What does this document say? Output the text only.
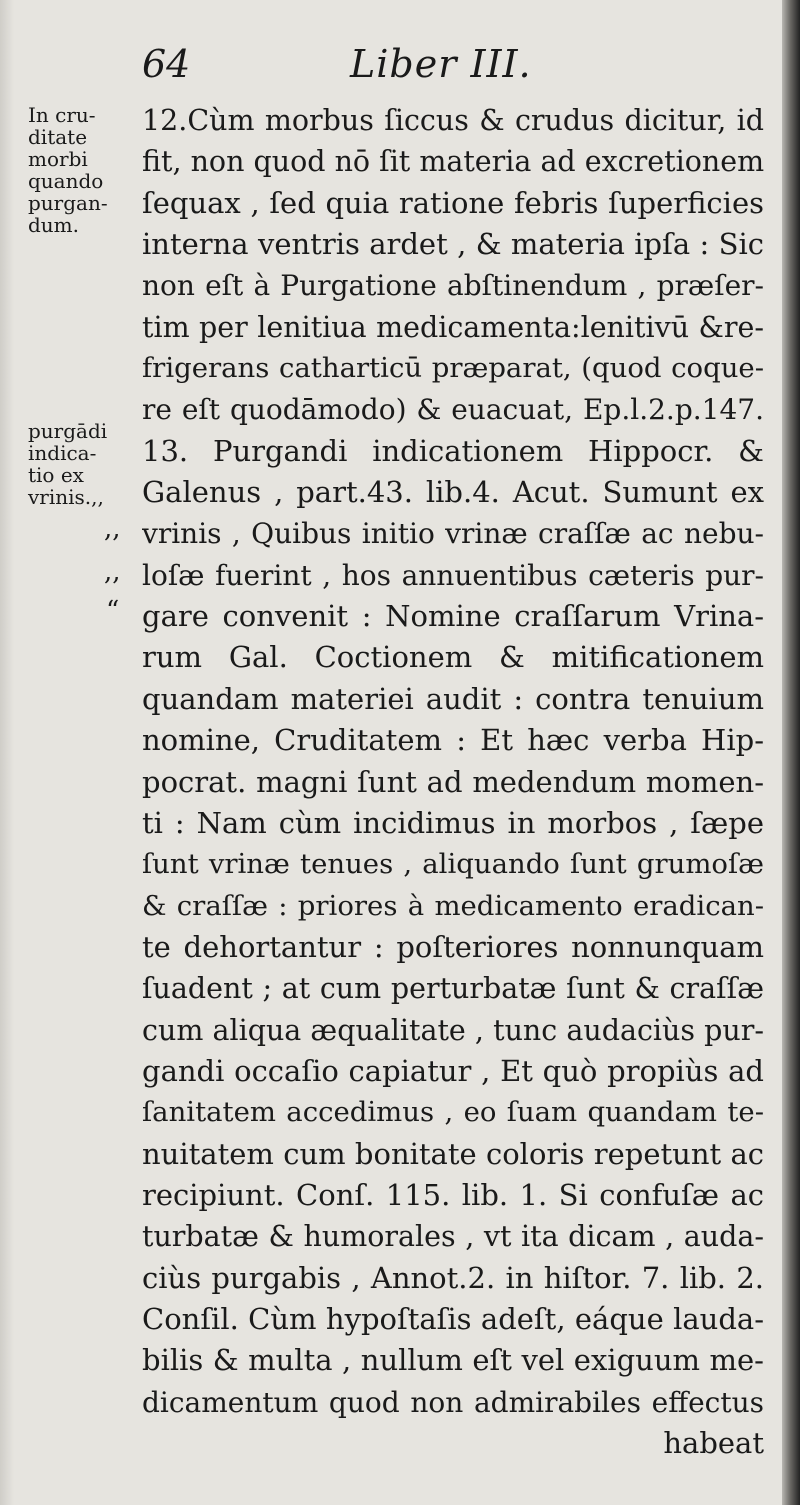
64	Liber III.
In cru-
ditate
morbi
quando
purgan-
dum.
purgādi
indica-
tio ex
vrinis.,,
,,
,,
“
12.Cùm morbus ſiccus & crudus dicitur, id
fit, non quod nō ſit materia ad excretionem
ſequax , ſed quia ratione febris ſuperficies
interna ventris ardet , & materia ipſa : Sic
non eſt à Purgatione abſtinendum , præſer-
tim per lenitiua medicamenta:lenitivū &re-
frigerans catharticū præparat, (quod coque-
re eſt quodāmodo) & euacuat, Ep.l.2.p.147.
13. Purgandi indicationem Hippocr. &
Galenus , part.43. lib.4. Acut. Sumunt ex
vrinis , Quibus initio vrinæ craſſæ ac nebu-
loſæ fuerint , hos annuentibus cæteris pur-
gare convenit : Nomine craſſarum Vrina-
rum Gal. Coctionem & mitificationem
quandam materiei audit : contra tenuium
nomine, Cruditatem : Et hæc verba Hip-
pocrat. magni ſunt ad medendum momen-
ti : Nam cùm incidimus in morbos , ſæpe
ſunt vrinæ tenues , aliquando ſunt grumoſæ
& craſſæ : priores à medicamento eradican-
te dehortantur : poſteriores nonnunquam
ſuadent ; at cum perturbatæ ſunt & craſſæ
cum aliqua æqualitate , tunc audaciùs pur-
gandi occaſio capiatur , Et quò propiùs ad
ſanitatem accedimus , eo ſuam quandam te-
nuitatem cum bonitate coloris repetunt ac
recipiunt. Conſ. 115. lib. 1. Si confuſæ ac
turbatæ & humorales , vt ita dicam , auda-
ciùs purgabis , Annot.2. in hiſtor. 7. lib. 2.
Conſil. Cùm hypoſtaſis adeſt, eáque lauda-
bilis & multa , nullum eſt vel exiguum me-
dicamentum quod non admirabiles effectus
habeat
